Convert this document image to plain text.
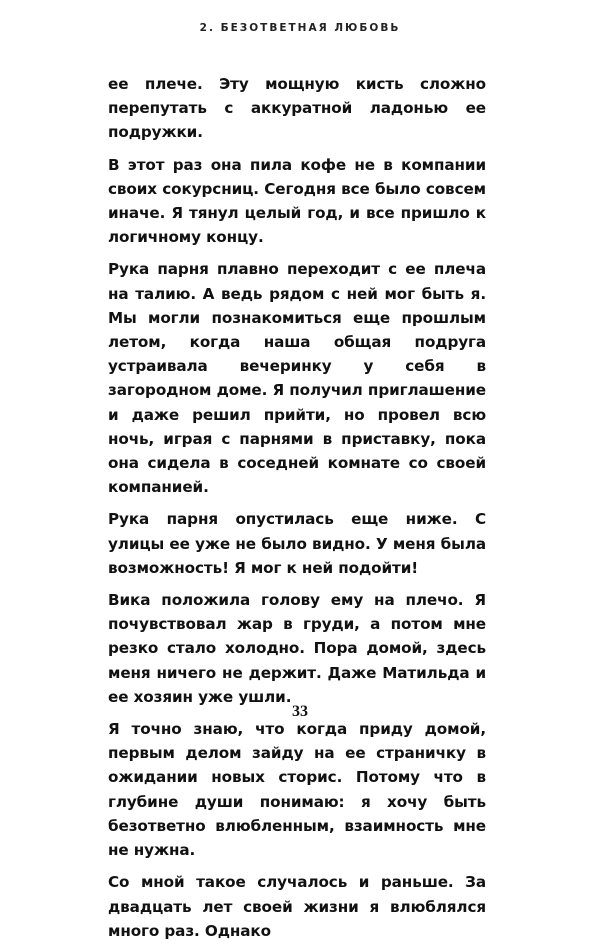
2. БЕЗОТВЕТНАЯ ЛЮБОВЬ

ее плече. Эту мощную кисть сложно перепутать с аккуратной ладонью ее подружки.

В этот раз она пила кофе не в компании своих сокурсниц. Сегодня все было совсем иначе. Я тянул целый год, и все пришло к логичному концу.

Рука парня плавно переходит с ее плеча на талию. А ведь рядом с ней мог быть я. Мы могли познакомиться еще прошлым летом, когда наша общая подруга устраивала вечеринку у себя в загородном доме. Я получил приглашение и даже решил прийти, но провел всю ночь, играя с парнями в приставку, пока она сидела в соседней комнате со своей компанией.

Рука парня опустилась еще ниже. С улицы ее уже не было видно. У меня была возможность! Я мог к ней подойти!

Вика положила голову ему на плечо. Я почувствовал жар в груди, а потом мне резко стало холодно. Пора домой, здесь меня ничего не держит. Даже Матильда и ее хозяин уже ушли.

Я точно знаю, что когда приду домой, первым делом зайду на ее страничку в ожидании новых сторис. Потому что в глубине души понимаю: я хочу быть безответно влюбленным, взаимность мне не нужна.

Со мной такое случалось и раньше. За двадцать лет своей жизни я влюблялся много раз. Однако

33
